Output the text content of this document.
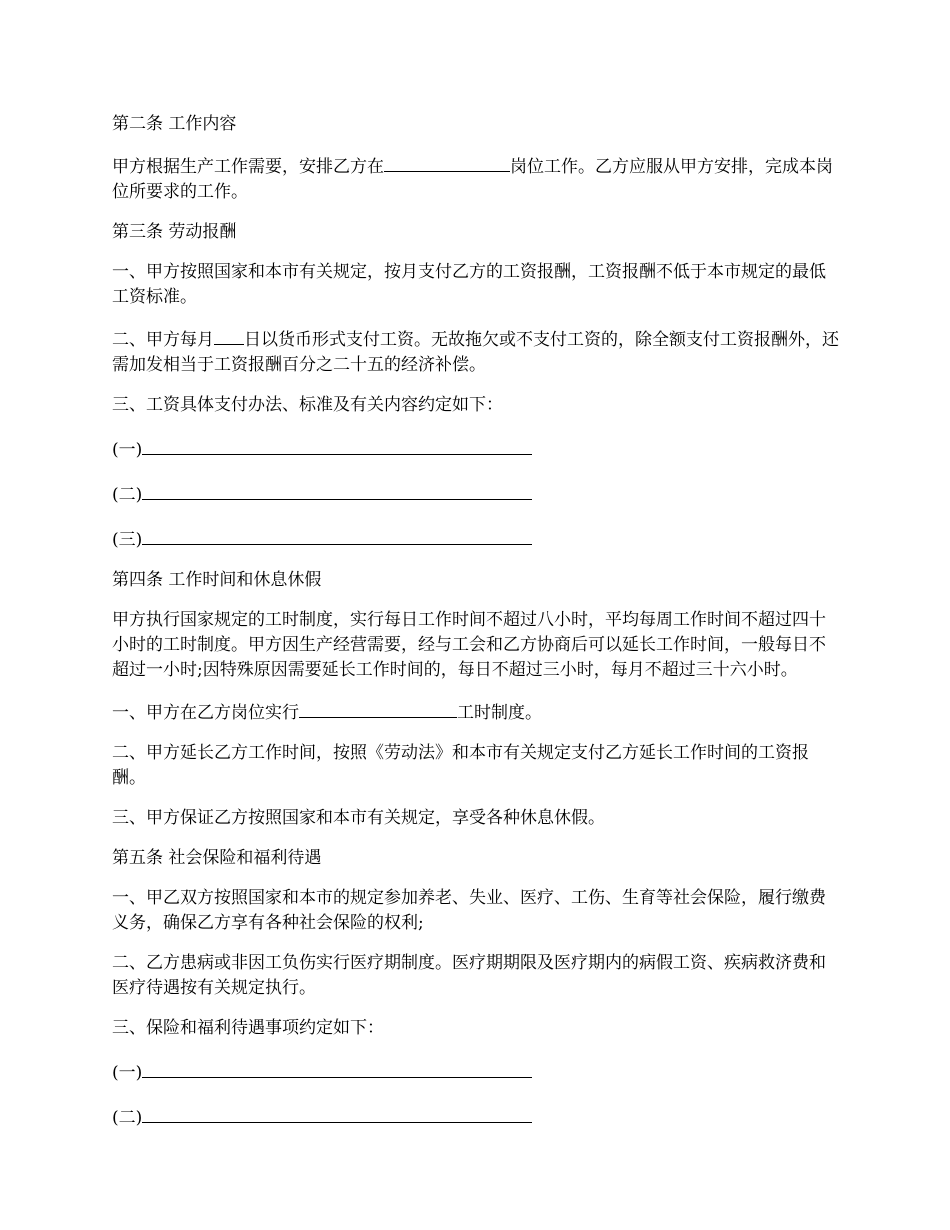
第二条 工作内容

甲方根据生产工作需要，安排乙方在	岗位工作。乙方应服从甲方安排，完成本岗位所要求的工作。

第三条 劳动报酬

一、甲方按照国家和本市有关规定，按月支付乙方的工资报酬，工资报酬不低于本市规定的最低工资标准。

二、甲方每月 日以货币形式支付工资。无故拖欠或不支付工资的，除全额支付工资报酬外，还需加发相当于工资报酬百分之二十五的经济补偿。

三、工资具体支付办法、标准及有关内容约定如下：

(一)

(二)

(三)

第四条 工作时间和休息休假

甲方执行国家规定的工时制度，实行每日工作时间不超过八小时，平均每周工作时间不超过四十小时的工时制度。甲方因生产经营需要，经与工会和乙方协商后可以延长工作时间，一般每日不超过一小时;因特殊原因需要延长工作时间的，每日不超过三小时，每月不超过三十六小时。

一、甲方在乙方岗位实行	工时制度。

二、甲方延长乙方工作时间，按照《劳动法》和本市有关规定支付乙方延长工作时间的工资报酬。

三、甲方保证乙方按照国家和本市有关规定，享受各种休息休假。

第五条 社会保险和福利待遇

一、甲乙双方按照国家和本市的规定参加养老、失业、医疗、工伤、生育等社会保险，履行缴费义务，确保乙方享有各种社会保险的权利;

二、乙方患病或非因工负伤实行医疗期制度。医疗期期限及医疗期内的病假工资、疾病救济费和医疗待遇按有关规定执行。

三、保险和福利待遇事项约定如下：

(一)

(二)
